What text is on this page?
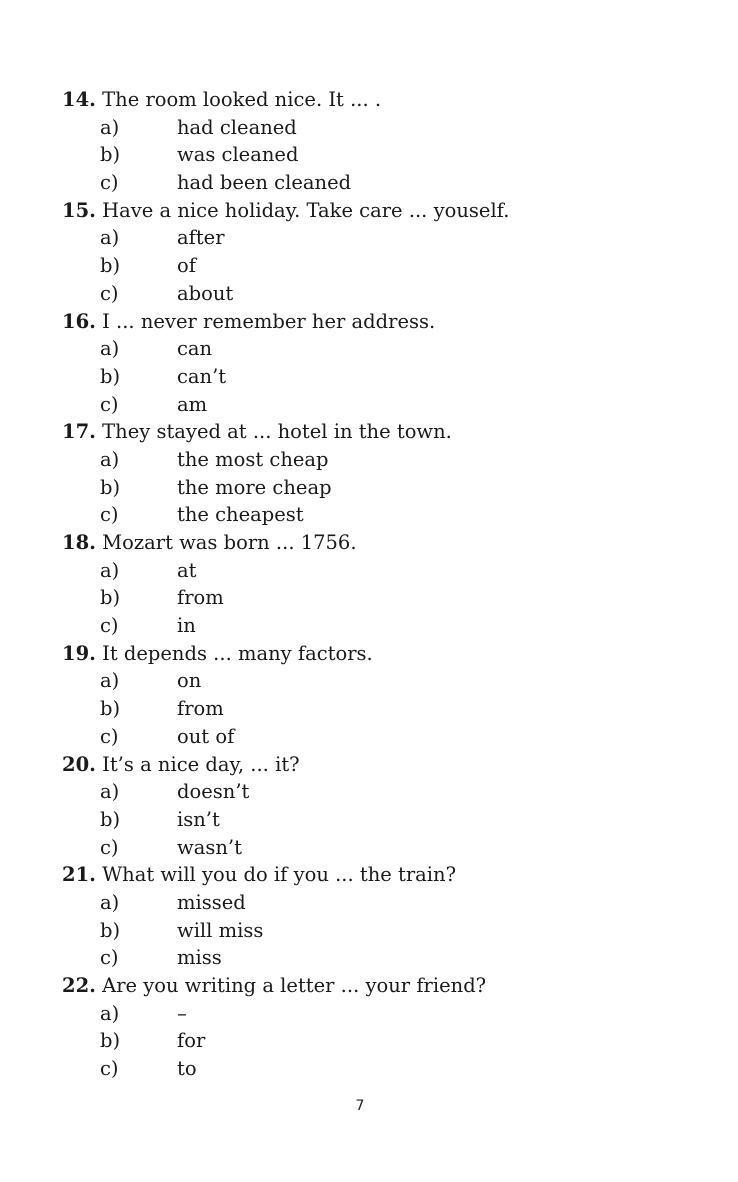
14. The room looked nice. It ... .
a)	had cleaned
b)	was cleaned
c)	had been cleaned
15. Have a nice holiday. Take care ... youself.
a)	after
b)	of
c)	about
16. I ... never remember her address.
a)	can
b)	can’t
c)	am
17. They stayed at ... hotel in the town.
a)	the most cheap
b)	the more cheap
c)	the cheapest
18. Mozart was born ... 1756.
a)	at
b)	from
c)	in
19. It depends ... many factors.
a)	on
b)	from
c)	out of
20. It’s a nice day, ... it?
a)	doesn’t
b)	isn’t
c)	wasn’t
21. What will you do if you ... the train?
a)	missed
b)	will miss
c)	miss
22. Are you writing a letter ... your friend?
a)	–
b)	for
c)	to
7
